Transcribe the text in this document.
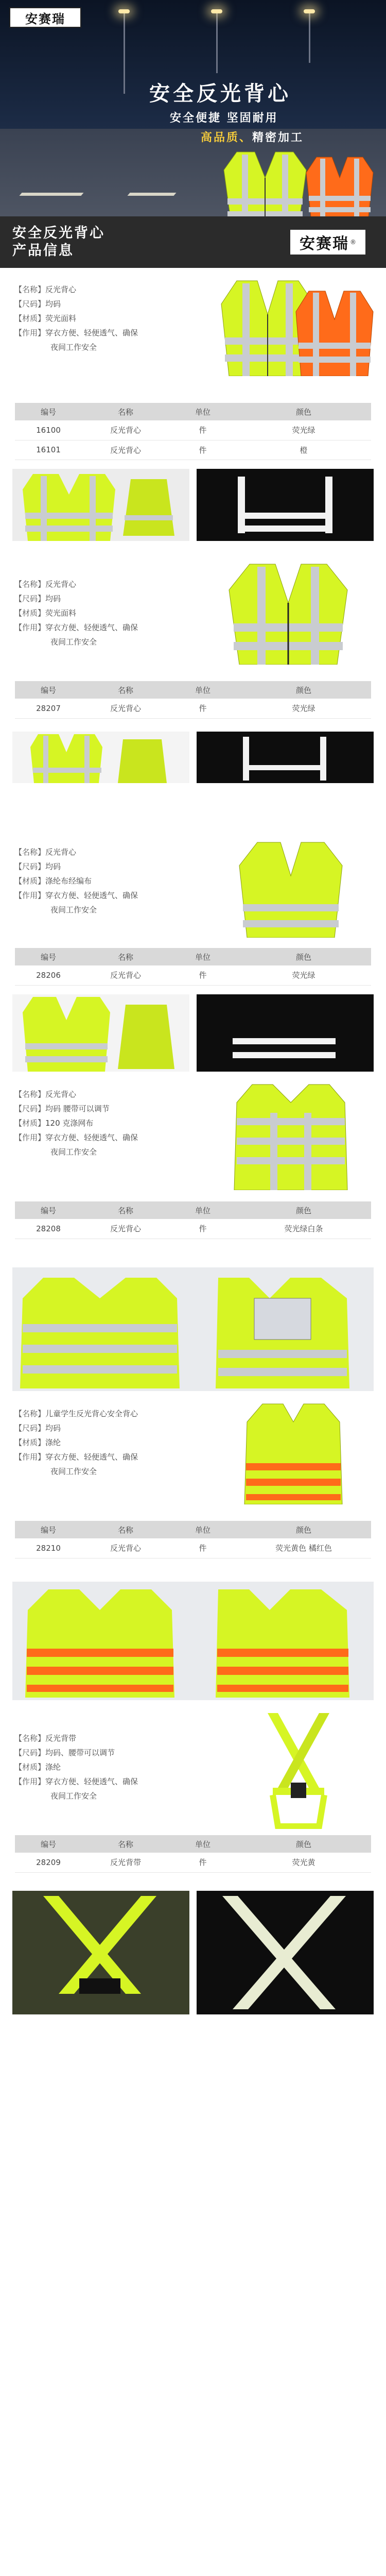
安赛瑞
安全反光背心
安全便捷 坚固耐用
高品质、精密加工
安全反光背心
产品信息	安赛瑞 ®
【名称】反光背心
【尺码】均码
【材质】荧光面料
【作用】穿衣方便、轻便透气、确保
夜间工作安全
编号	名称	单位	颜色
16100	反光背心	件	荧光绿
16101	反光背心	件	橙
【名称】反光背心
【尺码】均码
【材质】荧光面料
【作用】穿衣方便、轻便透气、确保
夜间工作安全
编号	名称	单位	颜色
28207	反光背心	件	荧光绿
【名称】反光背心
【尺码】均码
【材质】涤纶布经编布
【作用】穿衣方便、轻便透气、确保
夜间工作安全
编号	名称	单位	颜色
28206	反光背心	件	荧光绿
【名称】反光背心
【尺码】均码 腰带可以调节
【材质】120 克涤网布
【作用】穿衣方便、轻便透气、确保
夜间工作安全
编号	名称	单位	颜色
28208	反光背心	件	荧光绿白条
【名称】儿童学生反光背心安全背心
【尺码】均码
【材质】涤纶
【作用】穿衣方便、轻便透气、确保
夜间工作安全
编号	名称	单位	颜色
28210	反光背心	件	荧光黄色 橘红色
【名称】反光背带
【尺码】均码、腰带可以调节
【材质】涤纶
【作用】穿衣方便、轻便透气、确保
夜间工作安全
编号	名称	单位	颜色
28209	反光背带	件	荧光黄
